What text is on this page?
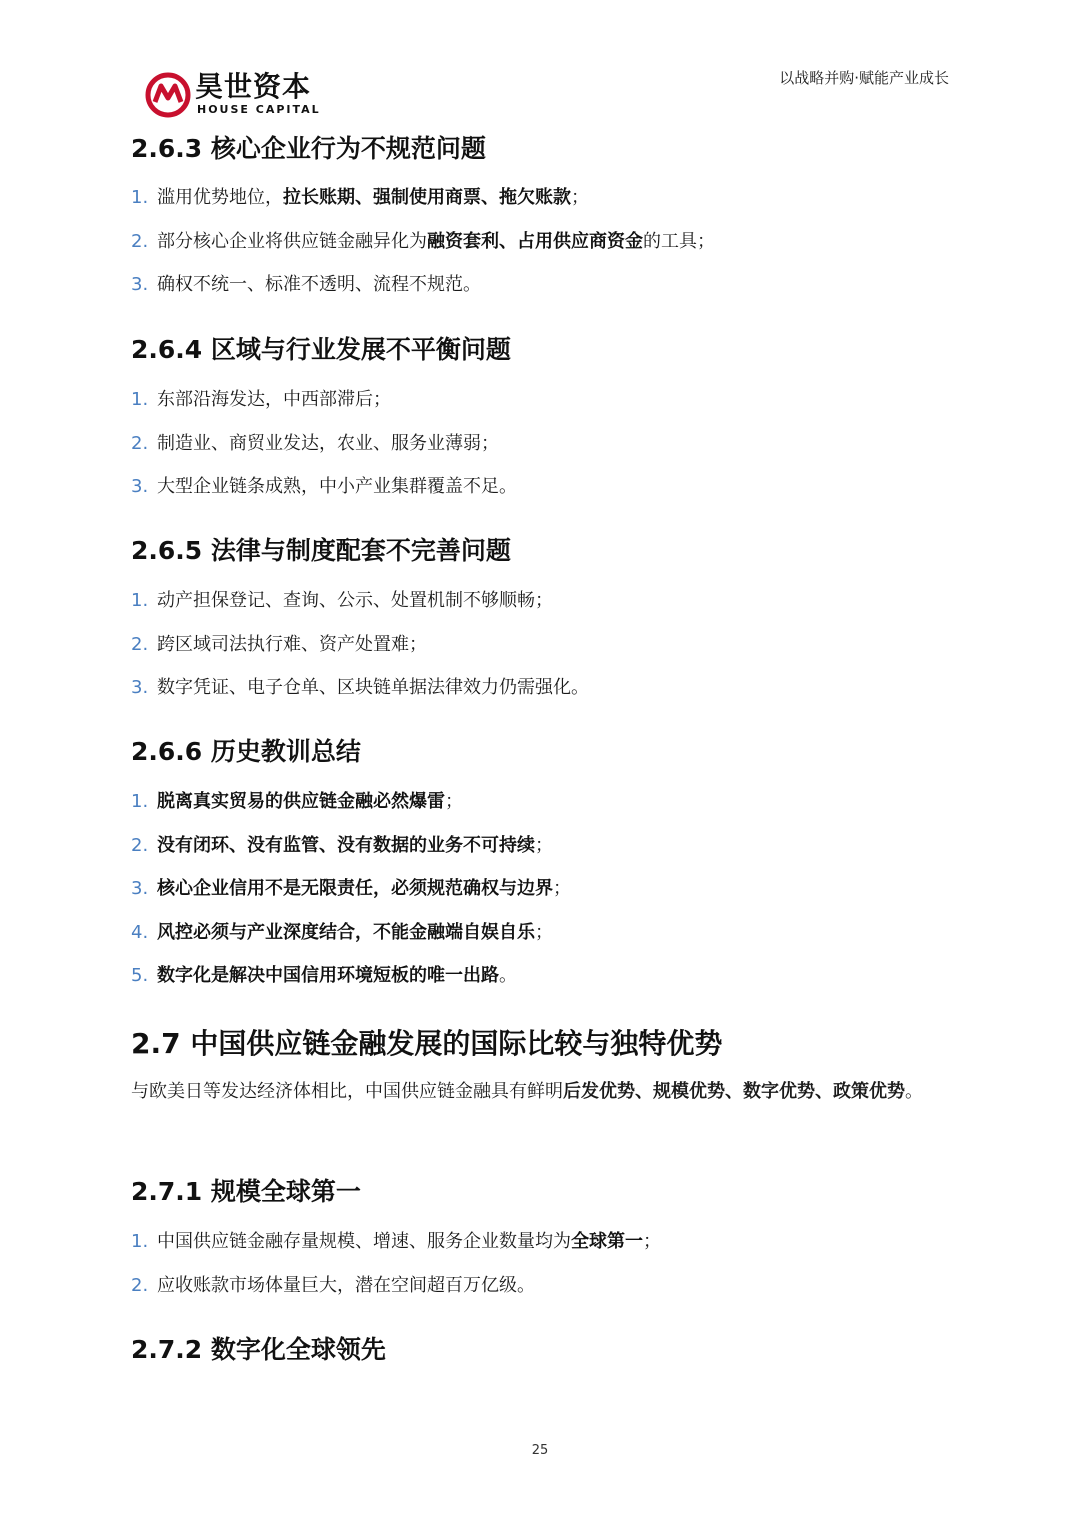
昊世资本
HOUSE CAPITAL
以战略并购·赋能产业成长
2.6.3 核心企业行为不规范问题
1. 滥用优势地位，拉长账期、强制使用商票、拖欠账款；
2. 部分核心企业将供应链金融异化为融资套利、占用供应商资金的工具；
3. 确权不统一、标准不透明、流程不规范。
2.6.4 区域与行业发展不平衡问题
1. 东部沿海发达，中西部滞后；
2. 制造业、商贸业发达，农业、服务业薄弱；
3. 大型企业链条成熟，中小产业集群覆盖不足。
2.6.5 法律与制度配套不完善问题
1. 动产担保登记、查询、公示、处置机制不够顺畅；
2. 跨区域司法执行难、资产处置难；
3. 数字凭证、电子仓单、区块链单据法律效力仍需强化。
2.6.6 历史教训总结
1. 脱离真实贸易的供应链金融必然爆雷；
2. 没有闭环、没有监管、没有数据的业务不可持续；
3. 核心企业信用不是无限责任，必须规范确权与边界；
4. 风控必须与产业深度结合，不能金融端自娱自乐；
5. 数字化是解决中国信用环境短板的唯一出路。
2.7 中国供应链金融发展的国际比较与独特优势

与欧美日等发达经济体相比，中国供应链金融具有鲜明后发优势、规模优势、数字优势、政策优势。

2.7.1 规模全球第一
1. 中国供应链金融存量规模、增速、服务企业数量均为全球第一；
2. 应收账款市场体量巨大，潜在空间超百万亿级。
2.7.2 数字化全球领先
25
